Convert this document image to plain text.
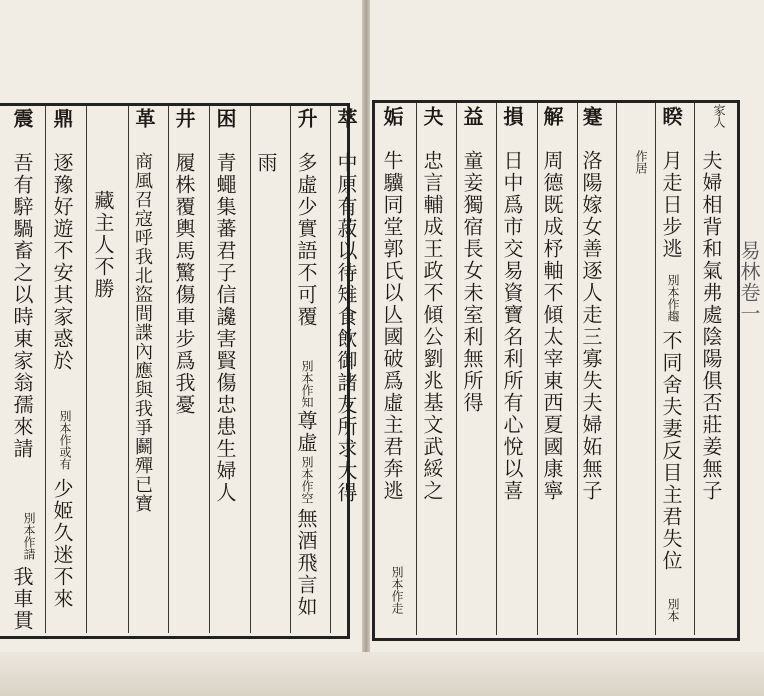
易林卷一
家人
夫婦相背和氣弗處陰陽俱否莊姜無子
睽
月走日步逃
別本作趨
不同舍夫妻反目主君失位
別本
作居
蹇
洛陽嫁女善逐人走三寡失夫婦妬無子
解
周德既成杼軸不傾太宰東西夏國康寧
損
日中爲市交易資寶名利所有心悅以喜
益
童妾獨宿長女未室利無所得
夬
忠言輔成王政不傾公劉兆基文武綏之
姤
牛驥同堂郭氏以亾國破爲虛主君奔逃
別本作走
萃
中原有菽以待雉食飲御諸友所求大得
升
多虛少實語不可覆
別本作知
尊虛
別本作空
無酒飛言如
雨
困
青蠅集蕃君子信讒害賢傷忠患生婦人
井
履株覆輿馬驚傷車步爲我憂
革
商風召寇呼我北盜間諜內應與我爭鬬殫已寶
藏主人不勝
鼎
逐豫好遊不安其家惑於
別本作或有
少姬久迷不來
震
吾有騂騧畜之以時東家翁孺來請
別本作請
我車貫
